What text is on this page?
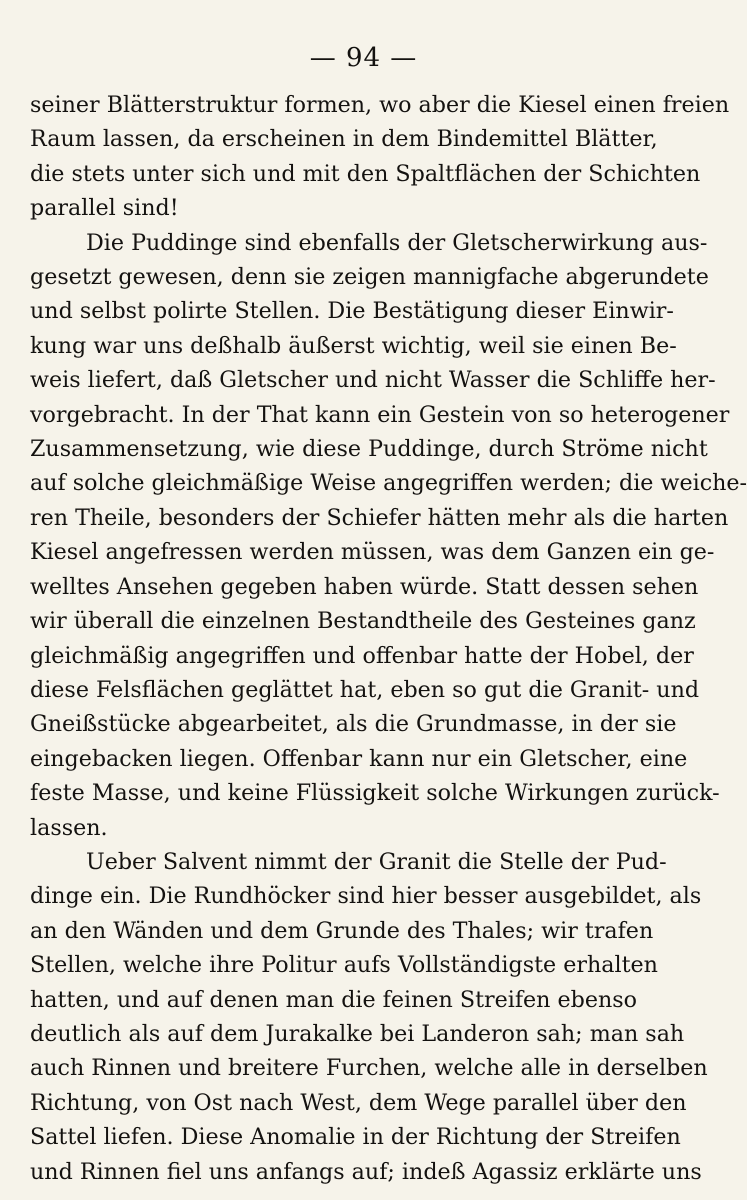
— 94 —

seiner Blätterstruktur formen, wo aber die Kiesel einen freien
Raum lassen, da erscheinen in dem Bindemittel Blätter,
die stets unter sich und mit den Spaltflächen der Schichten
parallel sind!

Die Puddinge sind ebenfalls der Gletscherwirkung aus-
gesetzt gewesen, denn sie zeigen mannigfache abgerundete
und selbst polirte Stellen. Die Bestätigung dieser Einwir-
kung war uns deßhalb äußerst wichtig, weil sie einen Be-
weis liefert, daß Gletscher und nicht Wasser die Schliffe her-
vorgebracht. In der That kann ein Gestein von so heterogener
Zusammensetzung, wie diese Puddinge, durch Ströme nicht
auf solche gleichmäßige Weise angegriffen werden; die weiche-
ren Theile, besonders der Schiefer hätten mehr als die harten
Kiesel angefressen werden müssen, was dem Ganzen ein ge-
welltes Ansehen gegeben haben würde. Statt dessen sehen
wir überall die einzelnen Bestandtheile des Gesteines ganz
gleichmäßig angegriffen und offenbar hatte der Hobel, der
diese Felsflächen geglättet hat, eben so gut die Granit- und
Gneißstücke abgearbeitet, als die Grundmasse, in der sie
eingebacken liegen. Offenbar kann nur ein Gletscher, eine
feste Masse, und keine Flüssigkeit solche Wirkungen zurück-
lassen.

Ueber Salvent nimmt der Granit die Stelle der Pud-
dinge ein. Die Rundhöcker sind hier besser ausgebildet, als
an den Wänden und dem Grunde des Thales; wir trafen
Stellen, welche ihre Politur aufs Vollständigste erhalten
hatten, und auf denen man die feinen Streifen ebenso
deutlich als auf dem Jurakalke bei Landeron sah; man sah
auch Rinnen und breitere Furchen, welche alle in derselben
Richtung, von Ost nach West, dem Wege parallel über den
Sattel liefen. Diese Anomalie in der Richtung der Streifen
und Rinnen fiel uns anfangs auf; indeß Agassiz erklärte uns
